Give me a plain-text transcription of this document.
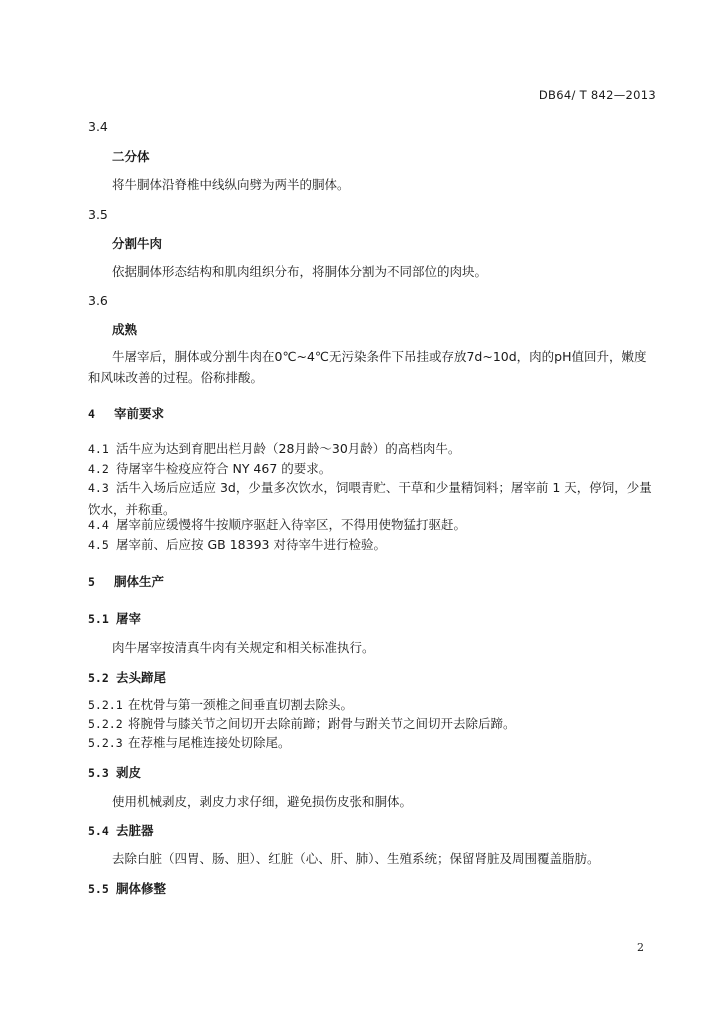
DB64/ T 842—2013
3.4
二分体
将牛胴体沿脊椎中线纵向劈为两半的胴体。
3.5
分割牛肉
依据胴体形态结构和肌肉组织分布，将胴体分割为不同部位的肉块。
3.6
成熟
牛屠宰后，胴体或分割牛肉在0℃~4℃无污染条件下吊挂或存放7d~10d，肉的pH值回升，嫩度和风味改善的过程。俗称排酸。
4 宰前要求
4.1 活牛应为达到育肥出栏月龄（28月龄～30月龄）的高档肉牛。
4.2 待屠宰牛检疫应符合 NY 467 的要求。
4.3 活牛入场后应适应 3d，少量多次饮水，饲喂青贮、干草和少量精饲料；屠宰前 1 天，停饲，少量饮水，并称重。
4.4 屠宰前应缓慢将牛按顺序驱赶入待宰区，不得用使物猛打驱赶。
4.5 屠宰前、后应按 GB 18393 对待宰牛进行检验。
5 胴体生产
5.1 屠宰
肉牛屠宰按清真牛肉有关规定和相关标准执行。
5.2 去头蹄尾
5.2.1 在枕骨与第一颈椎之间垂直切割去除头。
5.2.2 将腕骨与膝关节之间切开去除前蹄；跗骨与跗关节之间切开去除后蹄。
5.2.3 在荐椎与尾椎连接处切除尾。
5.3 剥皮
使用机械剥皮，剥皮力求仔细，避免损伤皮张和胴体。
5.4 去脏器
去除白脏（四胃、肠、胆）、红脏（心、肝、肺）、生殖系统；保留肾脏及周围覆盖脂肪。
5.5 胴体修整
2
